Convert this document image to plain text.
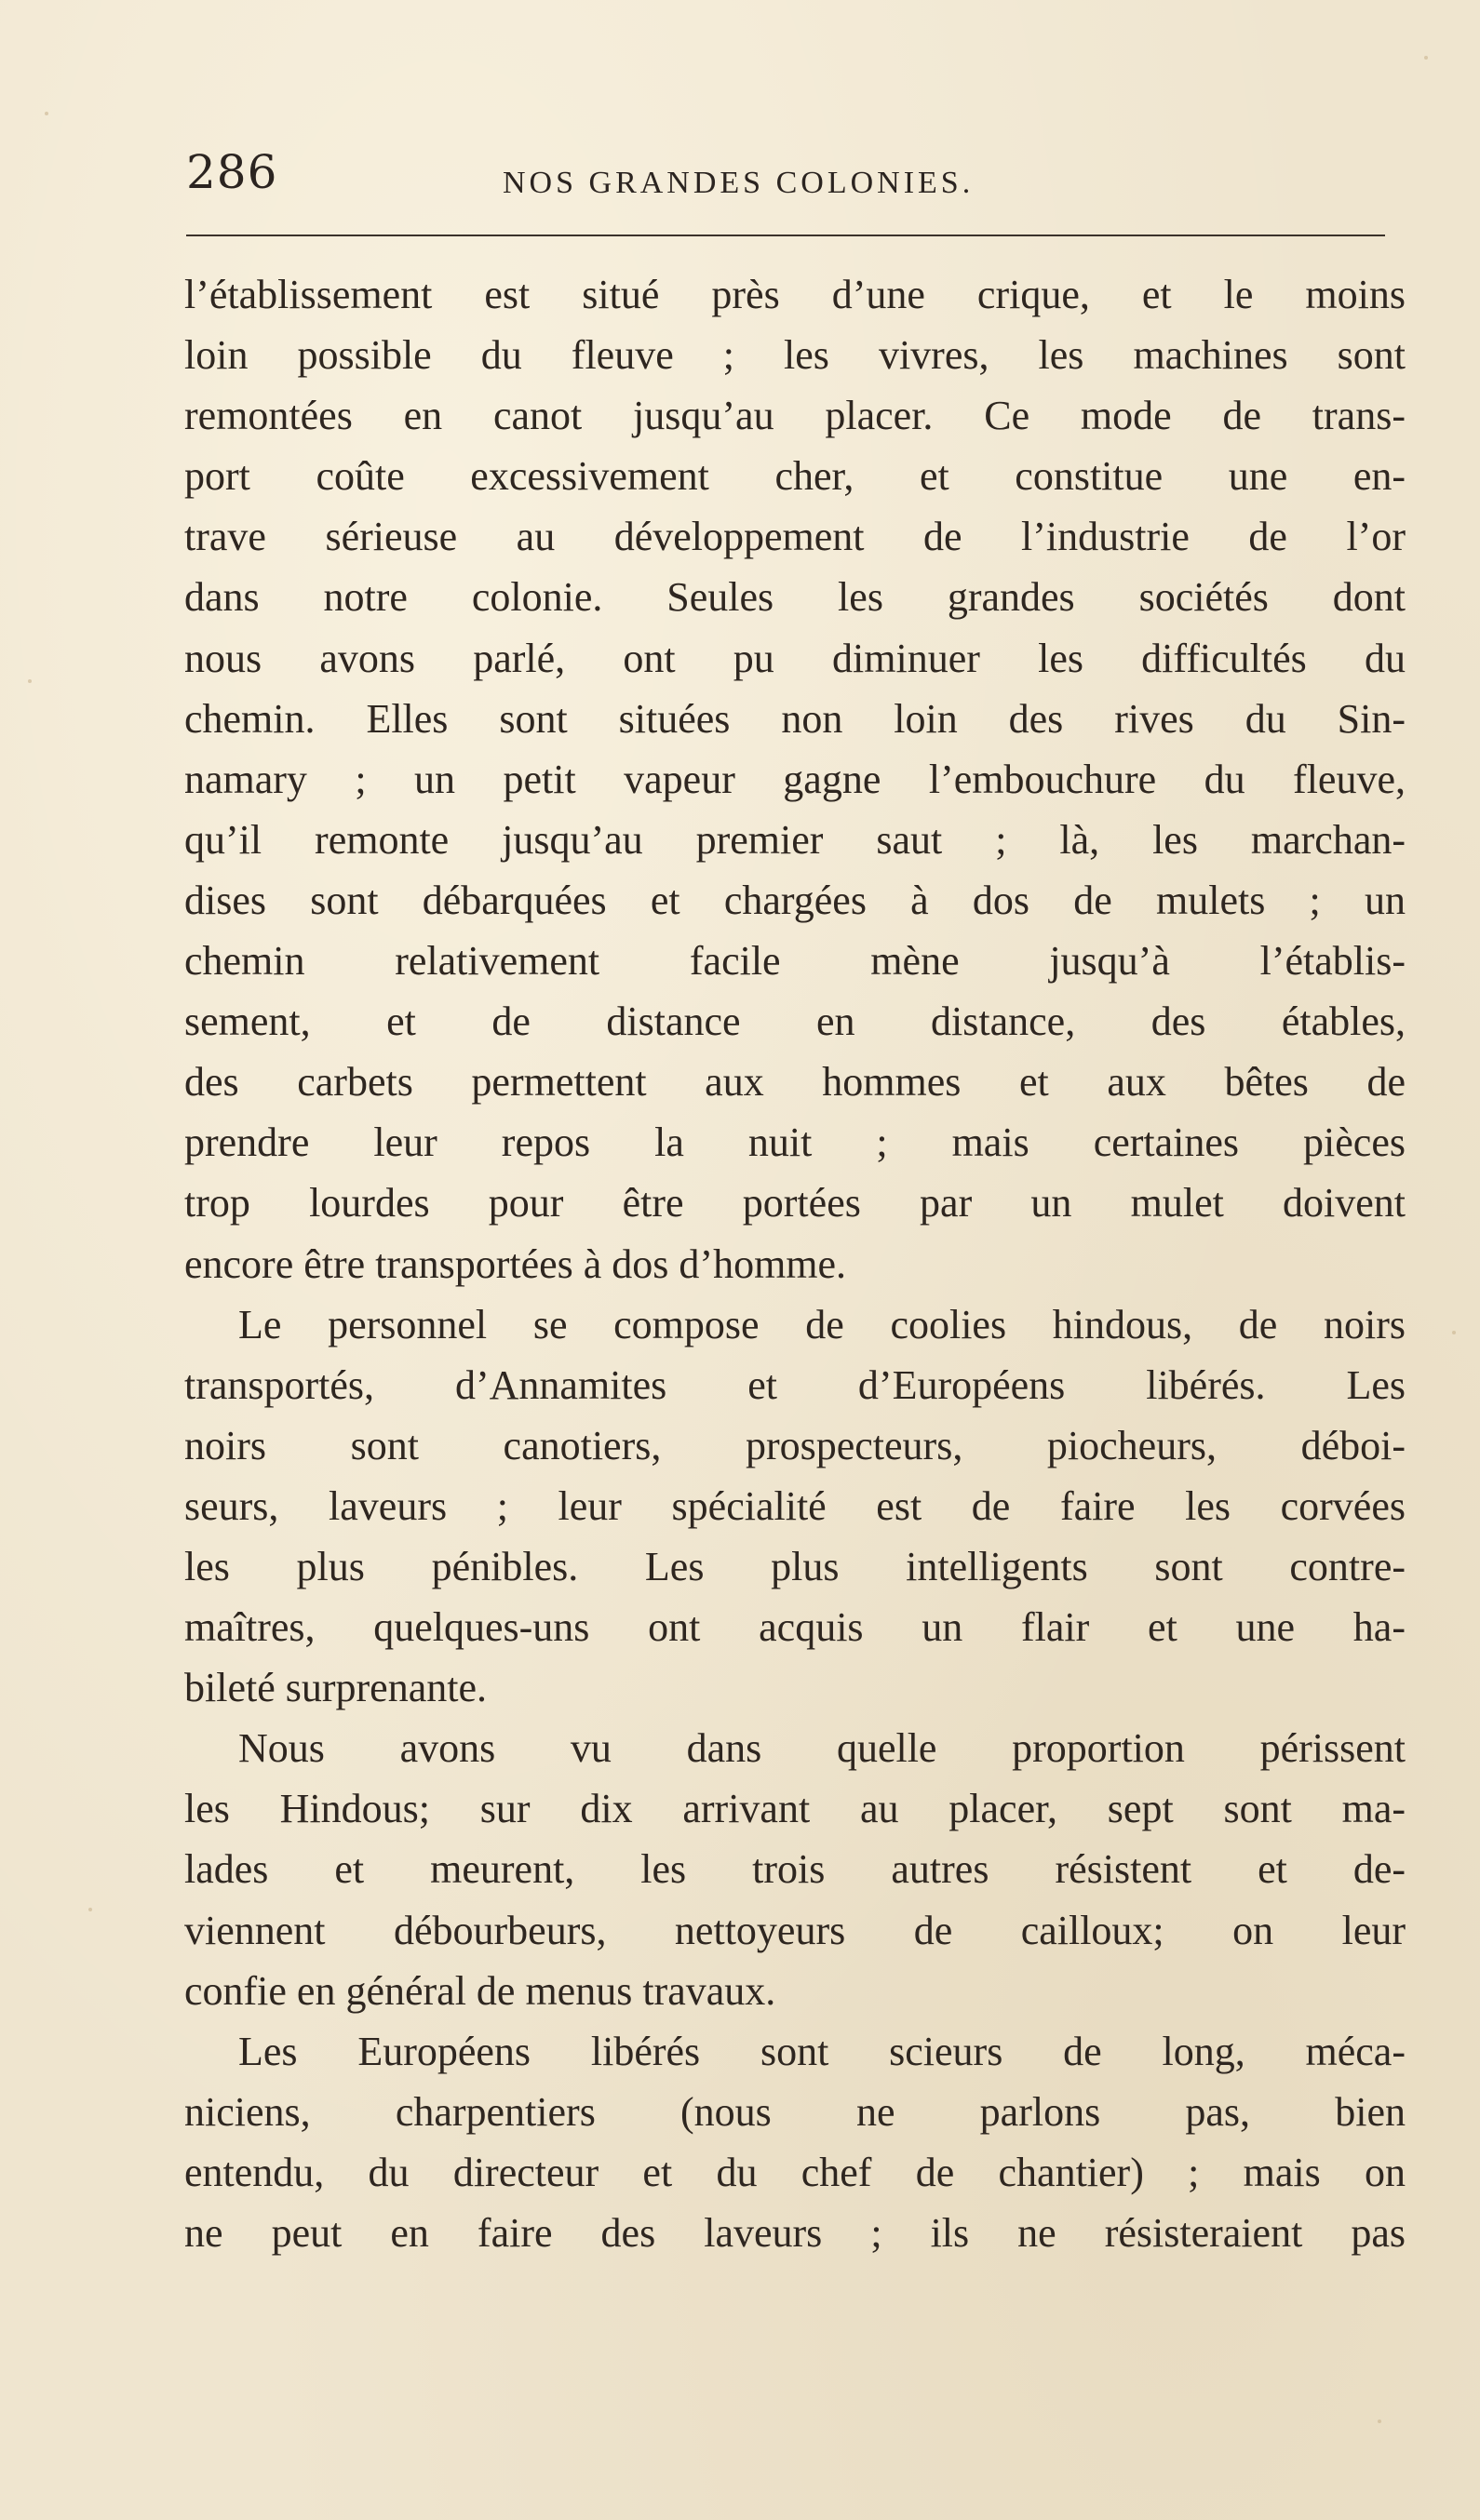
286	NOS GRANDES COLONIES.
l’établissement est situé près d’une crique, et le moins
loin possible du fleuve ; les vivres, les machines sont
remontées en canot jusqu’au placer. Ce mode de trans-
port coûte excessivement cher, et constitue une en-
trave sérieuse au développement de l’industrie de l’or
dans notre colonie. Seules les grandes sociétés dont
nous avons parlé, ont pu diminuer les difficultés du
chemin. Elles sont situées non loin des rives du Sin-
namary ; un petit vapeur gagne l’embouchure du fleuve,
qu’il remonte jusqu’au premier saut ; là, les marchan-
dises sont débarquées et chargées à dos de mulets ; un
chemin relativement facile mène jusqu’à l’établis-
sement, et de distance en distance, des étables,
des carbets permettent aux hommes et aux bêtes de
prendre leur repos la nuit ; mais certaines pièces
trop lourdes pour être portées par un mulet doivent
encore être transportées à dos d’homme.
Le personnel se compose de coolies hindous, de noirs
transportés, d’Annamites et d’Européens libérés. Les
noirs sont canotiers, prospecteurs, piocheurs, déboi-
seurs, laveurs ; leur spécialité est de faire les corvées
les plus pénibles. Les plus intelligents sont contre-
maîtres, quelques-uns ont acquis un flair et une ha-
bileté surprenante.
Nous avons vu dans quelle proportion périssent
les Hindous; sur dix arrivant au placer, sept sont ma-
lades et meurent, les trois autres résistent et de-
viennent débourbeurs, nettoyeurs de cailloux; on leur
confie en général de menus travaux.
Les Européens libérés sont scieurs de long, méca-
niciens, charpentiers (nous ne parlons pas, bien
entendu, du directeur et du chef de chantier) ; mais on
ne peut en faire des laveurs ; ils ne résisteraient pas
